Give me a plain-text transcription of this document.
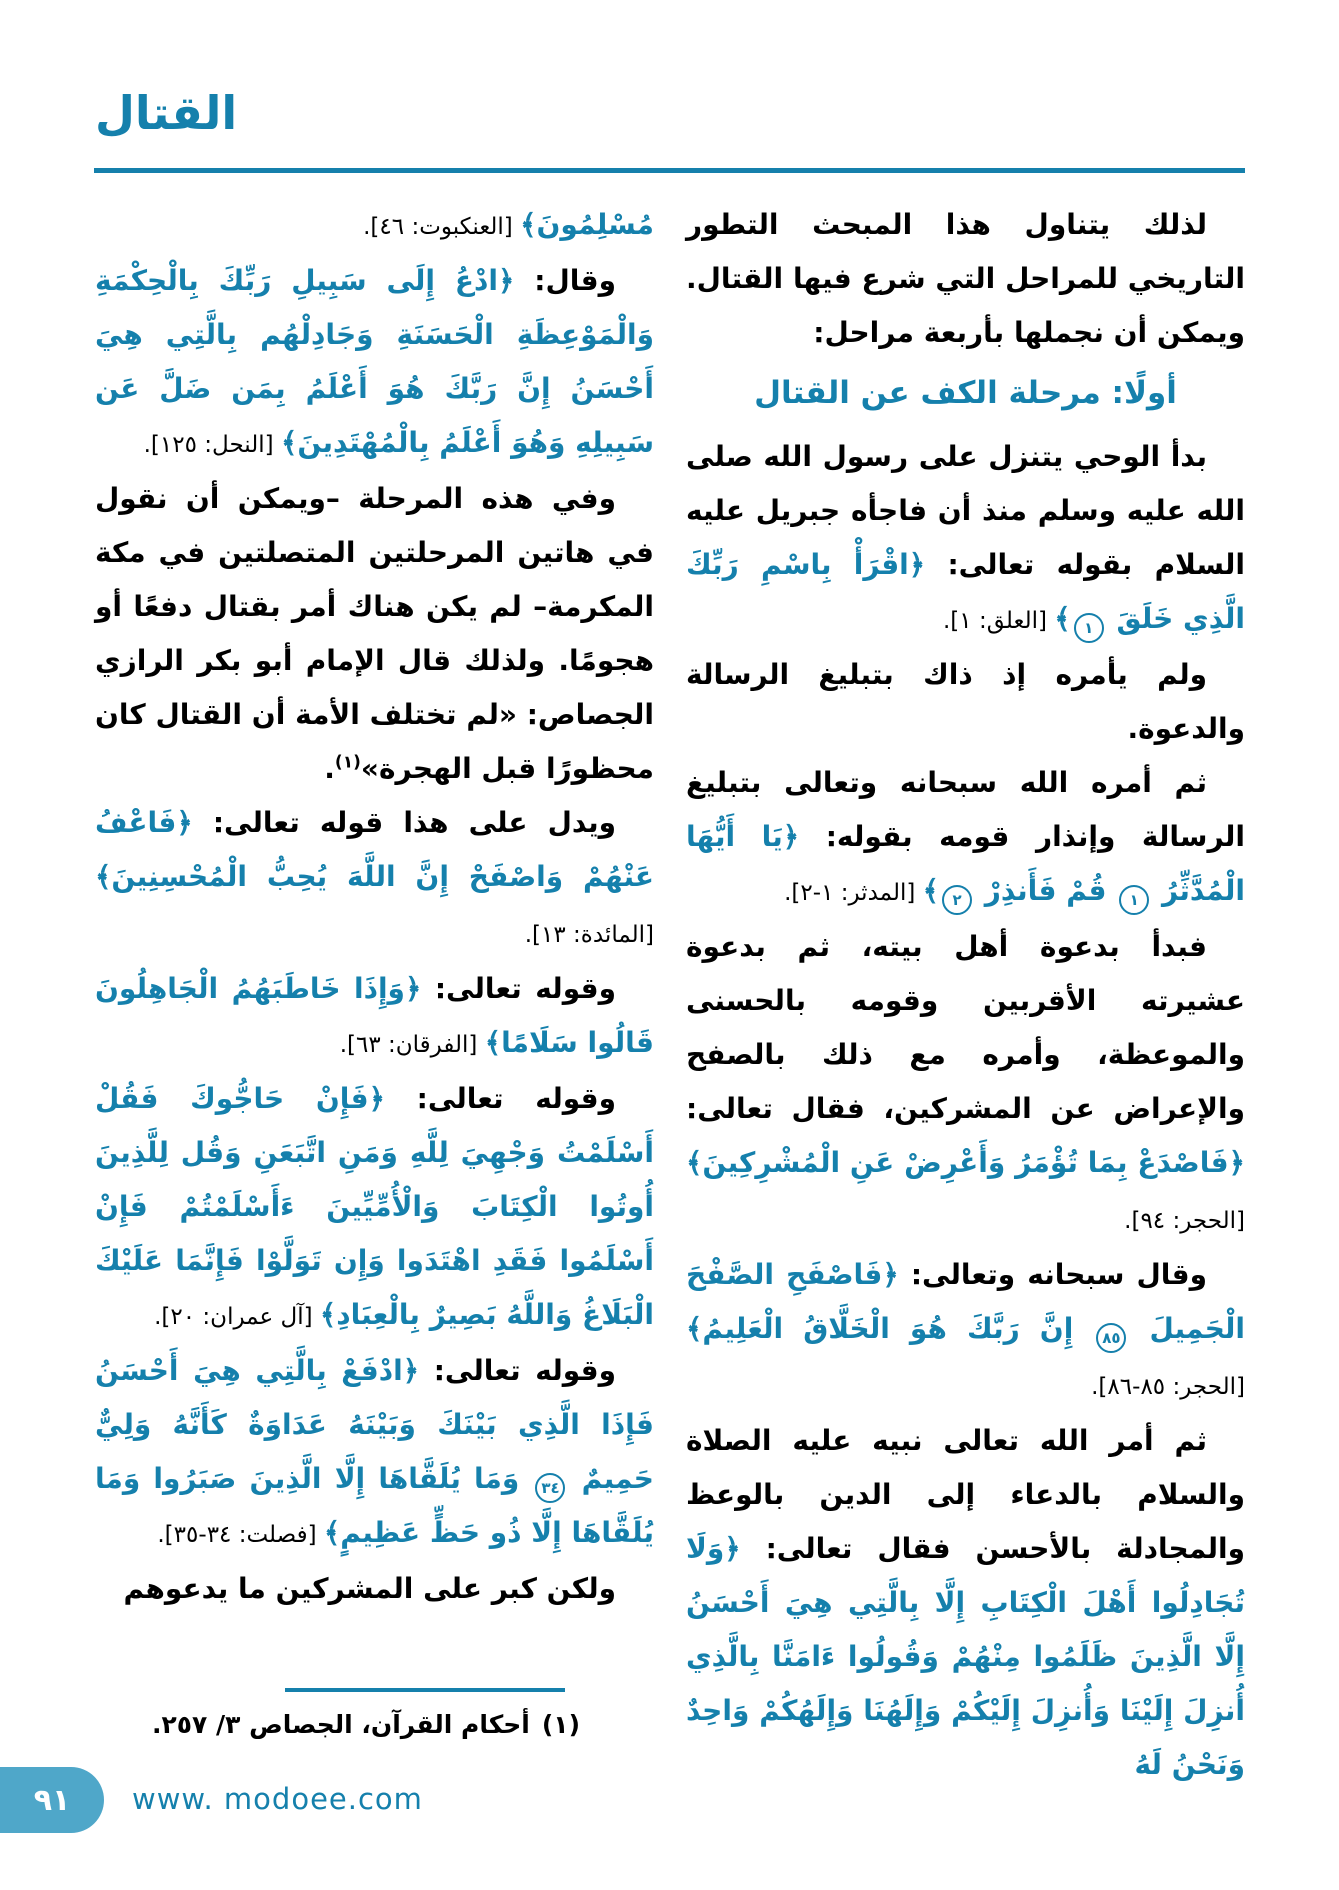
القتال

لذلك يتناول هذا المبحث التطور التاريخي للمراحل التي شرع فيها القتال. ويمكن أن نجملها بأربعة مراحل:

أولًا: مرحلة الكف عن القتال

بدأ الوحي يتنزل على رسول الله صلى الله عليه وسلم منذ أن فاجأه جبريل عليه السلام بقوله تعالى: ﴿اقْرَأْ بِاسْمِ رَبِّكَ الَّذِي خَلَقَ ١﴾ [العلق: ١].

ولم يأمره إذ ذاك بتبليغ الرسالة والدعوة.

ثم أمره الله سبحانه وتعالى بتبليغ الرسالة وإنذار قومه بقوله: ﴿يَا أَيُّهَا الْمُدَّثِّرُ ١ قُمْ فَأَنذِرْ ٢﴾ [المدثر: ١-٢].

فبدأ بدعوة أهل بيته، ثم بدعوة عشيرته الأقربين وقومه بالحسنى والموعظة، وأمره مع ذلك بالصفح والإعراض عن المشركين، فقال تعالى: ﴿فَاصْدَعْ بِمَا تُؤْمَرُ وَأَعْرِضْ عَنِ الْمُشْرِكِينَ﴾ [الحجر: ٩٤].

وقال سبحانه وتعالى: ﴿فَاصْفَحِ الصَّفْحَ الْجَمِيلَ ٨٥ إِنَّ رَبَّكَ هُوَ الْخَلَّاقُ الْعَلِيمُ﴾ [الحجر: ٨٥-٨٦].

ثم أمر الله تعالى نبيه عليه الصلاة والسلام بالدعاء إلى الدين بالوعظ والمجادلة بالأحسن فقال تعالى: ﴿وَلَا تُجَادِلُوا أَهْلَ الْكِتَابِ إِلَّا بِالَّتِي هِيَ أَحْسَنُ إِلَّا الَّذِينَ ظَلَمُوا مِنْهُمْ وَقُولُوا ءَامَنَّا بِالَّذِي أُنزِلَ إِلَيْنَا وَأُنزِلَ إِلَيْكُمْ وَإِلَهُنَا وَإِلَهُكُمْ وَاحِدٌ وَنَحْنُ لَهُ

مُسْلِمُونَ﴾ [العنكبوت: ٤٦].

وقال: ﴿ادْعُ إِلَى سَبِيلِ رَبِّكَ بِالْحِكْمَةِ وَالْمَوْعِظَةِ الْحَسَنَةِ وَجَادِلْهُم بِالَّتِي هِيَ أَحْسَنُ إِنَّ رَبَّكَ هُوَ أَعْلَمُ بِمَن ضَلَّ عَن سَبِيلِهِ وَهُوَ أَعْلَمُ بِالْمُهْتَدِينَ﴾ [النحل: ١٢٥].

وفي هذه المرحلة –ويمكن أن نقول في هاتين المرحلتين المتصلتين في مكة المكرمة– لم يكن هناك أمر بقتال دفعًا أو هجومًا. ولذلك قال الإمام أبو بكر الرازي الجصاص: «لم تختلف الأمة أن القتال كان محظورًا قبل الهجرة»$^{(١)}$.

ويدل على هذا قوله تعالى: ﴿فَاعْفُ عَنْهُمْ وَاصْفَحْ إِنَّ اللَّهَ يُحِبُّ الْمُحْسِنِينَ﴾ [المائدة: ١٣].

وقوله تعالى: ﴿وَإِذَا خَاطَبَهُمُ الْجَاهِلُونَ قَالُوا سَلَامًا﴾ [الفرقان: ٦٣].

وقوله تعالى: ﴿فَإِنْ حَاجُّوكَ فَقُلْ أَسْلَمْتُ وَجْهِيَ لِلَّهِ وَمَنِ اتَّبَعَنِ وَقُل لِلَّذِينَ أُوتُوا الْكِتَابَ وَالْأُمِّيِّينَ ءَأَسْلَمْتُمْ فَإِنْ أَسْلَمُوا فَقَدِ اهْتَدَوا وَإِن تَوَلَّوْا فَإِنَّمَا عَلَيْكَ الْبَلَاغُ وَاللَّهُ بَصِيرٌ بِالْعِبَادِ﴾ [آل عمران: ٢٠].

وقوله تعالى: ﴿ادْفَعْ بِالَّتِي هِيَ أَحْسَنُ فَإِذَا الَّذِي بَيْنَكَ وَبَيْنَهُ عَدَاوَةٌ كَأَنَّهُ وَلِيٌّ حَمِيمٌ ٣٤ وَمَا يُلَقَّاهَا إِلَّا الَّذِينَ صَبَرُوا وَمَا يُلَقَّاهَا إِلَّا ذُو حَظٍّ عَظِيمٍ﴾ [فصلت: ٣٤-٣٥].

ولكن كبر على المشركين ما يدعوهم

(١)أحكام القرآن، الجصاص ٣/ ٢٥٧.
٩١ www. modoee.com
